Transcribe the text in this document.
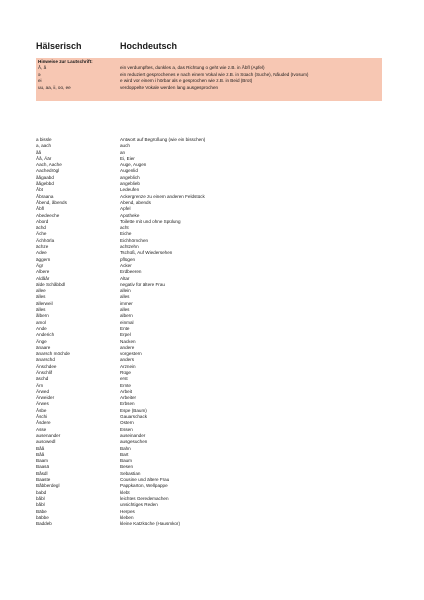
Hälserisch	Hochdeutsch
Hinweise zur Lautschrift:
Å, å	ein verdumpftes, dunkles a, das Richtung o geht wie z.B. in Åbfl (Apfel)
ə	ein reduziert gesprochenes e nach einem Vokal wie z.B. in Süach (Suche), Nåuded (Ivosum)
ei	e wird vor einem i hörbar als e gesprochen wie z.B. in Beid (Brot)
uu, aa, ii, oo, ee	verdoppelte Vokale werden lang ausgesprochen
a bissle	Antwort auf Begrüßung (wie ein bisschen)
a, aach	auch
åå	an
Åå, Äär	Ei, Eier
Aach, Aache	Auge, Augen
Aachedrögl	Augenlid
åågaabd	angeblich
åågebbd	angeblieb
Åbt	Ledeufen
Åbraana	Ackergrenze zu einem anderen Feldstück
Åbend, åbends	Abend, abends
Åbfl	Apfel
Abedeeche	Apotheke
Abord	Toilette mit und ohne Spülung
ächd	acht
Äche	Eiche
Ächhörla	Eichhörnchen
ächze	achtzehn
Adee	Tschüß, Auf Wiedersehen
äggern	pflügen
Ägr	Acker
Albere	Erdbeeren
Aldåår	Altar
älde Schåbbdl	negativ für ältere Frau
allee	allein
älles	alles
ällerweil	immer
älles	alles
ålbern	albern
amol	einmal
Ande	Ente
Anderich	Erpel
Änge	Nacken
änaare	andere
änarsch möchde	vorgestern
änarschd	anders
Änschdee	Arznein
Änschlif	Rüge
äschd	erst
Ärn	Ernte
Ärwed	Arbeit
Ärweider	Arbeiter
Ärwes	Erbsen
Åsbe	Espe (Baum)
Åschi	Gauarschack
Åsdere	Ostern
Asse	Essen
ausenander	auseinander
ausowedl	ausgesuchen
Båå	Bahn
Båå	Bart
Baam	Baum
Baasä	Besen
Båsdl	Sebastian
Baaste	Cousine und ältere Frau
Båbberdegl	Pappkarton, Wellpappe
babd	klebt
båbl	leichtes Geredemachen
båbl	unsichtiges Reden
Bäbe	Herpes
bäbbe	kleben
Baddeb	kleine Katzküche (Hausmkor)
